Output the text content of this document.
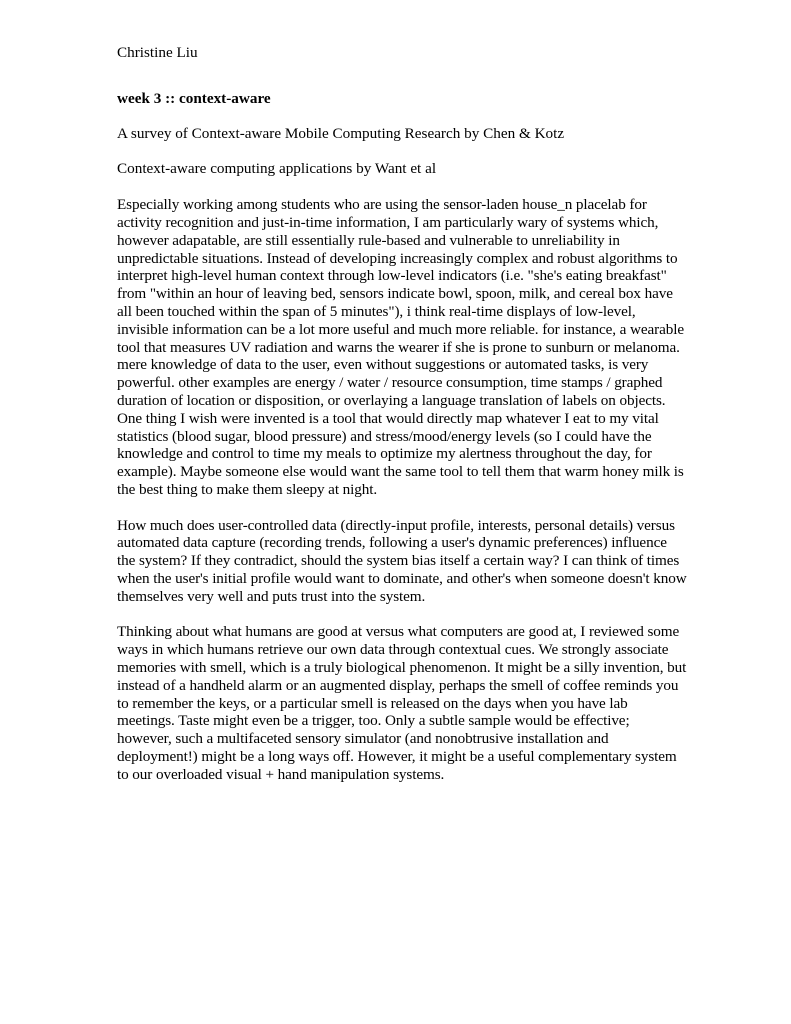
Christine Liu
week 3 :: context-aware
A survey of Context-aware Mobile Computing Research by Chen & Kotz
Context-aware computing applications by Want et al
Especially working among students who are using the sensor-laden house_n placelab for activity recognition and just-in-time information, I am particularly wary of systems which, however adapatable, are still essentially rule-based and vulnerable to unreliability in unpredictable situations. Instead of developing increasingly complex and robust algorithms to interpret high-level human context through low-level indicators (i.e. "she's eating breakfast" from "within an hour of leaving bed, sensors indicate bowl, spoon, milk, and cereal box have all been touched within the span of 5 minutes"), i think real-time displays of low-level, invisible information can be a lot more useful and much more reliable. for instance, a wearable tool that measures UV radiation and warns the wearer if she is prone to sunburn or melanoma. mere knowledge of data to the user, even without suggestions or automated tasks, is very powerful. other examples are energy / water / resource consumption, time stamps / graphed duration of location or disposition, or overlaying a language translation of labels on objects. One thing I wish were invented is a tool that would directly map whatever I eat to my vital statistics (blood sugar, blood pressure) and stress/mood/energy levels (so I could have the knowledge and control to time my meals to optimize my alertness throughout the day, for example). Maybe someone else would want the same tool to tell them that warm honey milk is the best thing to make them sleepy at night.
How much does user-controlled data (directly-input profile, interests, personal details) versus automated data capture (recording trends, following a user's dynamic preferences) influence the system? If they contradict, should the system bias itself a certain way? I can think of times when the user's initial profile would want to dominate, and other's when someone doesn't know themselves very well and puts trust into the system.
Thinking about what humans are good at versus what computers are good at, I reviewed some ways in which humans retrieve our own data through contextual cues. We strongly associate memories with smell, which is a truly biological phenomenon. It might be a silly invention, but instead of a handheld alarm or an augmented display, perhaps the smell of coffee reminds you to remember the keys, or a particular smell is released on the days when you have lab meetings. Taste might even be a trigger, too. Only a subtle sample would be effective; however, such a multifaceted sensory simulator (and nonobtrusive installation and deployment!) might be a long ways off. However, it might be a useful complementary system to our overloaded visual + hand manipulation systems.
